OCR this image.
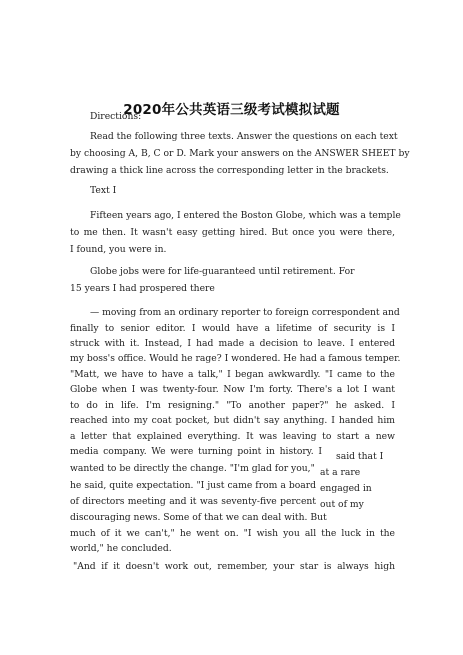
2020年公共英语三级考试模拟试题
Directions:
Read the following three texts. Answer the questions on each text
by choosing A, B, C or D. Mark your answers on the ANSWER SHEET by
drawing a thick line across the corresponding letter in the brackets.
Text I
Fifteen years ago, I entered the Boston Globe, which was a temple
to me then. It wasn't easy getting hired. But once you were there,
I found, you were in.
Globe jobs were for life-guaranteed until retirement. For
15 years I had prospered there
— moving from an ordinary reporter to foreign correspondent and
finally to senior editor. I would have a lifetime of security is I
struck with it. Instead, I had made a decision to leave. I entered
my boss's office. Would he rage? I wondered. He had a famous temper.
"Matt, we have to have a talk," I began awkwardly. "I came to the
Globe when I was twenty-four. Now I'm forty. There's a lot I want
to do in life. I'm resigning." "To another paper?" he asked. I
reached into my coat pocket, but didn't say anything. I handed him
a letter that explained everything. It was leaving to start a new
media company. We were turning point in history. I
wanted to be directly the change. "I'm glad for you,"
he said, quite expectation. "I just came from a board
of directors meeting and it was seventy-five percent
discouraging news. Some of that we can deal with. But
said that I
at a rare
engaged in
out of my
much of it we can't," he went on. "I wish you all the luck in the
world," he concluded.
"And if it doesn't work out, remember, your star is always high
